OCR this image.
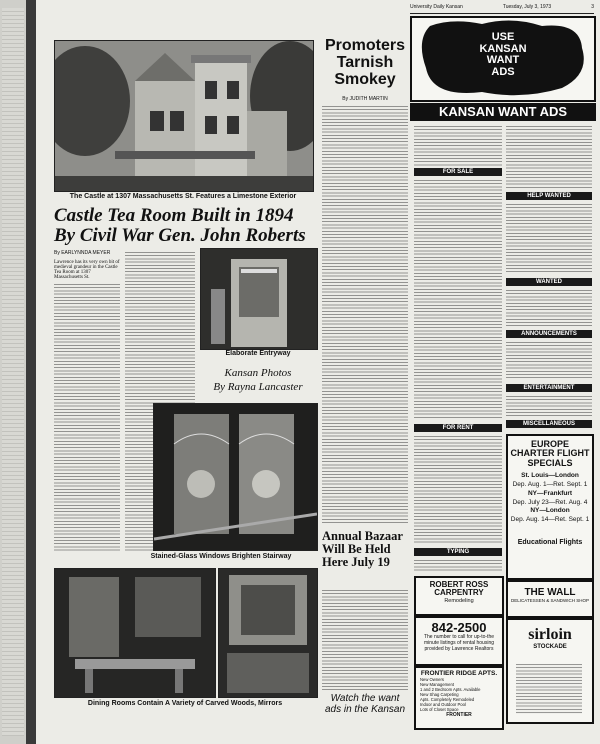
University Daily Kansan	Tuesday, July 3, 1973	3
The Castle at 1307 Massachusetts St. Features a Limestone Exterior
Castle Tea Room Built in 1894 By Civil War Gen. John Roberts
By EARLYNNDA MEYER
Lawrence has its very own bit of medieval grandeur in the Castle Tea Room at 1307 Massachusetts St.
Elaborate Entryway
Kansan Photos
By Rayna Lancaster
Stained-Glass Windows Brighten Stairway
Dining Rooms Contain A Variety of Carved Woods, Mirrors
Promoters Tarnish Smokey
By JUDITH MARTIN
Annual Bazaar Will Be Held Here July 19
Watch the want ads in the Kansan
USE
KANSAN
WANT
ADS
KANSAN WANT ADS
FOR SALE
FOR RENT
TYPING
HELP WANTED
WANTED
ANNOUNCEMENTS
ENTERTAINMENT
MISCELLANEOUS
EUROPE CHARTER FLIGHT SPECIALS
St. Louis—London
Dep. Aug. 1—Ret. Sept. 1
NY—Frankfurt
Dep. July 23—Ret. Aug. 4
NY—London
Dep. Aug. 14—Ret. Sept. 1
Educational Flights
ROBERT ROSS CARPENTRY
Remodeling
THE WALL
DELICATESSEN & SANDWICH SHOP
842-2500
The number to call for up-to-the minute listings of rental housing provided by Lawrence Realtors
sirloin
STOCKADE
FRONTIER RIDGE APTS.
New Owners
New Management
1 and 2 Bedroom Apts. Available
New Shag Carpeting
Apts. Completely Remodeled
Indoor and Outdoor Pool
Lots of Closet Space
FRONTIER
